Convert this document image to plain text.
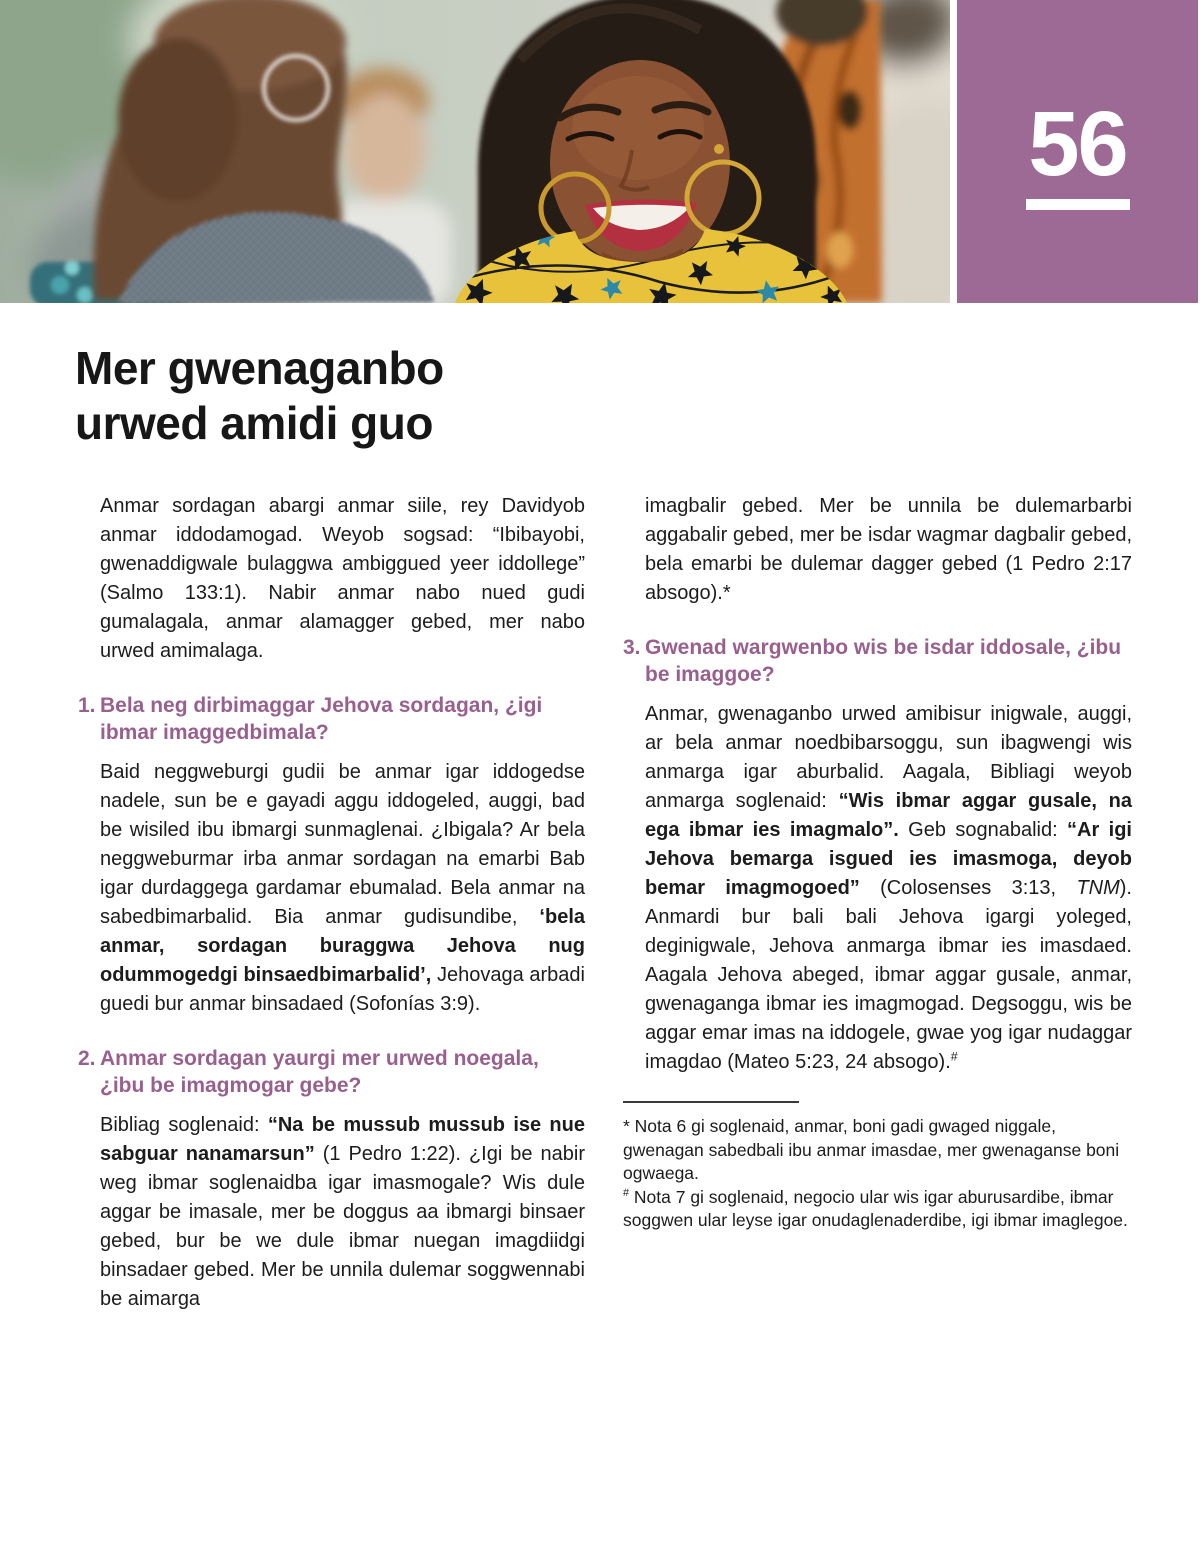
56
Mer gwenaganbo
urwed amidi guo

Anmar sordagan abargi anmar siile, rey Davidyob anmar iddodamogad. Weyob sogsad: “Ibibayobi, gwenaddigwale bulaggwa ambiggued yeer iddollege” (Salmo 133:1). Nabir anmar nabo nued gudi gumalagala, anmar alamagger gebed, mer nabo urwed amimalaga.

1. Bela neg dirbimaggar Jehova sordagan, ¿igi ibmar imaggedbimala?

Baid neggweburgi gudii be anmar igar iddogedse nadele, sun be e gayadi aggu iddogeled, auggi, bad be wisiled ibu ibmargi sunmaglenai. ¿Ibigala? Ar bela neggweburmar irba anmar sordagan na emarbi Bab igar durdaggega gardamar ebumalad. Bela anmar na sabedbimarbalid. Bia anmar gudisundibe, ‘bela anmar, sordagan buraggwa Jehova nug odummogedgi binsaedbimarbalid’, Jehovaga arbadi guedi bur anmar binsadaed (Sofonías 3:9).

2. Anmar sordagan yaurgi mer urwed noegala, ¿ibu be imagmogar gebe?

Bibliag soglenaid: “Na be mussub mussub ise nue sabguar nanamarsun” (1 Pedro 1:22). ¿Igi be nabir weg ibmar soglenaidba igar imasmogale? Wis dule aggar be imasale, mer be doggus aa ibmargi binsaer gebed, bur be we dule ibmar nuegan imagdiidgi binsadaer gebed. Mer be unnila dulemar soggwennabi be aimarga

imagbalir gebed. Mer be unnila be dulemarbarbi aggabalir gebed, mer be isdar wagmar dagbalir gebed, bela emarbi be dulemar dagger gebed (1 Pedro 2:17 absogo).*

3. Gwenad wargwenbo wis be isdar iddosale, ¿ibu be imaggoe?

Anmar, gwenaganbo urwed amibisur inigwale, auggi, ar bela anmar noedbibarsoggu, sun ibagwengi wis anmarga igar aburbalid. Aagala, Bibliagi weyob anmarga soglenaid: “Wis ibmar aggar gusale, na ega ibmar ies imagmalo”. Geb sognabalid: “Ar igi Jehova bemarga isgued ies imasmoga, deyob bemar imagmogoed” (Colosenses 3:13, TNM). Anmardi bur bali bali Jehova igargi yoleged, deginigwale, Jehova anmarga ibmar ies imasdaed. Aagala Jehova abeged, ibmar aggar gusale, anmar, gwenaganga ibmar ies imagmogad. Degsoggu, wis be aggar emar imas na iddogele, gwae yog igar nudaggar imagdao (Mateo 5:23, 24 absogo).#

* Nota 6 gi soglenaid, anmar, boni gadi gwaged niggale, gwenagan sabedbali ibu anmar imasdae, mer gwenaganse boni ogwaega.

# Nota 7 gi soglenaid, negocio ular wis igar aburusardibe, ibmar soggwen ular leyse igar onudaglenaderdibe, igi ibmar imaglegoe.
